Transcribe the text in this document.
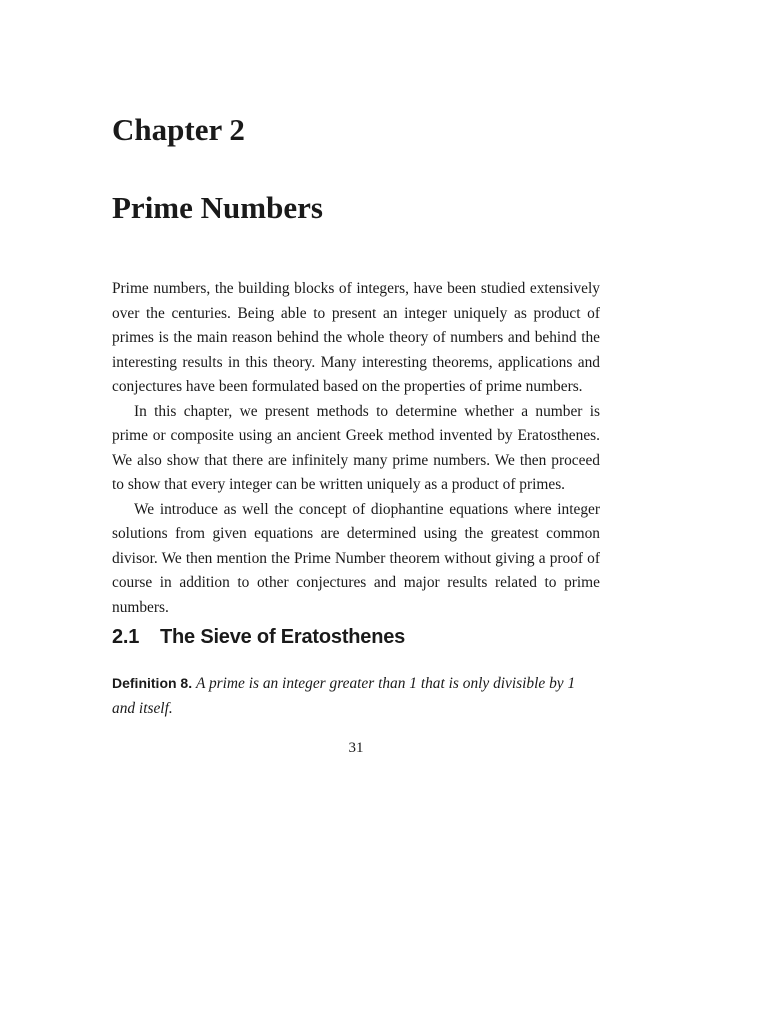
Chapter 2
Prime Numbers

Prime numbers, the building blocks of integers, have been studied extensively over the centuries. Being able to present an integer uniquely as product of primes is the main reason behind the whole theory of numbers and behind the interesting results in this theory. Many interesting theorems, applications and conjectures have been formulated based on the properties of prime numbers.

In this chapter, we present methods to determine whether a number is prime or composite using an ancient Greek method invented by Eratosthenes. We also show that there are infinitely many prime numbers. We then proceed to show that every integer can be written uniquely as a product of primes.

We introduce as well the concept of diophantine equations where integer solutions from given equations are determined using the greatest common divisor. We then mention the Prime Number theorem without giving a proof of course in addition to other conjectures and major results related to prime numbers.

2.1 The Sieve of Eratosthenes
Definition 8. A prime is an integer greater than 1 that is only divisible by 1 and itself.
31
